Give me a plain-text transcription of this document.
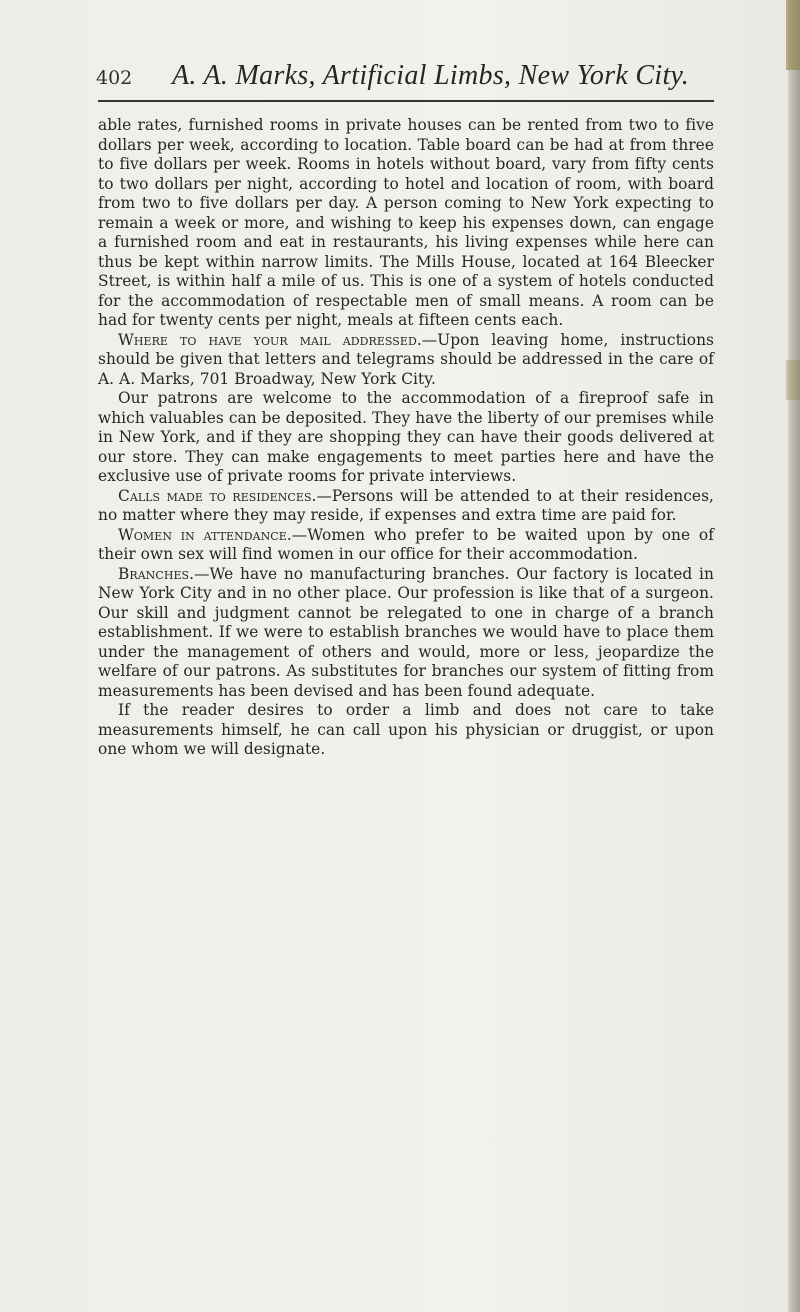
402	A. A. Marks, Artificial Limbs, New York City.

able rates, furnished rooms in private houses can be rented from two to five dollars per week, according to location. Table board can be had at from three to five dollars per week. Rooms in hotels without board, vary from fifty cents to two dollars per night, according to hotel and location of room, with board from two to five dollars per day. A person coming to New York expecting to remain a week or more, and wishing to keep his expenses down, can engage a furnished room and eat in restaurants, his living expenses while here can thus be kept within narrow limits. The Mills House, located at 164 Bleecker Street, is within half a mile of us. This is one of a system of hotels conducted for the accommodation of respectable men of small means. A room can be had for twenty cents per night, meals at fifteen cents each.

Where to have your mail addressed.—Upon leaving home, instructions should be given that letters and telegrams should be addressed in the care of A. A. Marks, 701 Broadway, New York City.

Our patrons are welcome to the accommodation of a fireproof safe in which valuables can be deposited. They have the liberty of our premises while in New York, and if they are shopping they can have their goods delivered at our store. They can make engagements to meet parties here and have the exclusive use of private rooms for private interviews.

Calls made to residences.—Persons will be attended to at their residences, no matter where they may reside, if expenses and extra time are paid for.

Women in attendance.—Women who prefer to be waited upon by one of their own sex will find women in our office for their accommodation.

Branches.—We have no manufacturing branches. Our factory is located in New York City and in no other place. Our profession is like that of a surgeon. Our skill and judgment cannot be relegated to one in charge of a branch establishment. If we were to establish branches we would have to place them under the management of others and would, more or less, jeopardize the welfare of our patrons. As substitutes for branches our system of fitting from measurements has been devised and has been found adequate.

If the reader desires to order a limb and does not care to take measurements himself, he can call upon his physician or druggist, or upon one whom we will designate.
